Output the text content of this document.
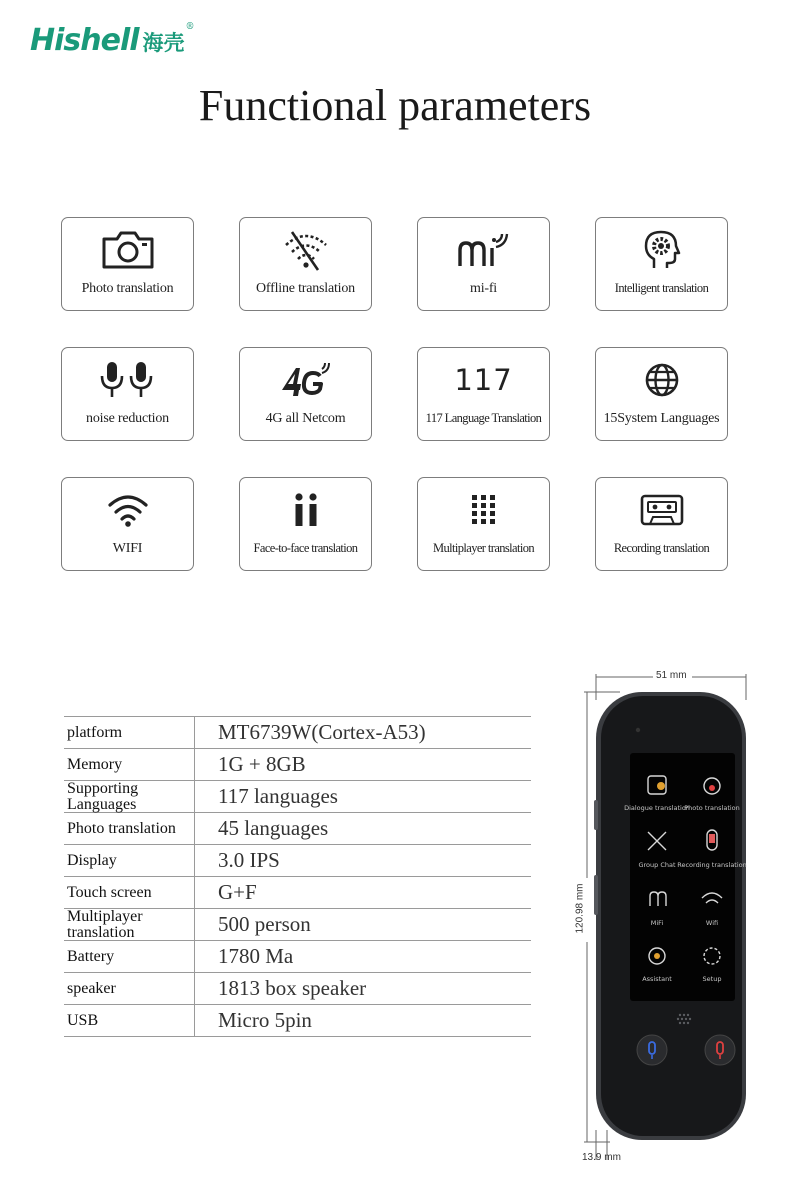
Hishell 海壳
®
Functional parameters
Photo translation	Offline translation	mi-fi	Intelligent translation
noise reduction	4G all Netcom
117
117 Language Translation	15System Languages
WIFI	Face-to-face translation	Multiplayer translation	Recording translation
platform	MT6739W(Cortex-A53)
Memory	1G + 8GB
Supporting Languages	117 languages
Photo translation	45 languages
Display	3.0 IPS
Touch screen	G+F
Multiplayer translation	500 person
Battery	1780 Ma
speaker	1813 box speaker
USB	Micro 5pin
Dialogue translation
Photo translation
Group Chat Recording translation
MiFi	Wifi
Assistant	Setup
51 mm
120.98 mm
13.9 mm
